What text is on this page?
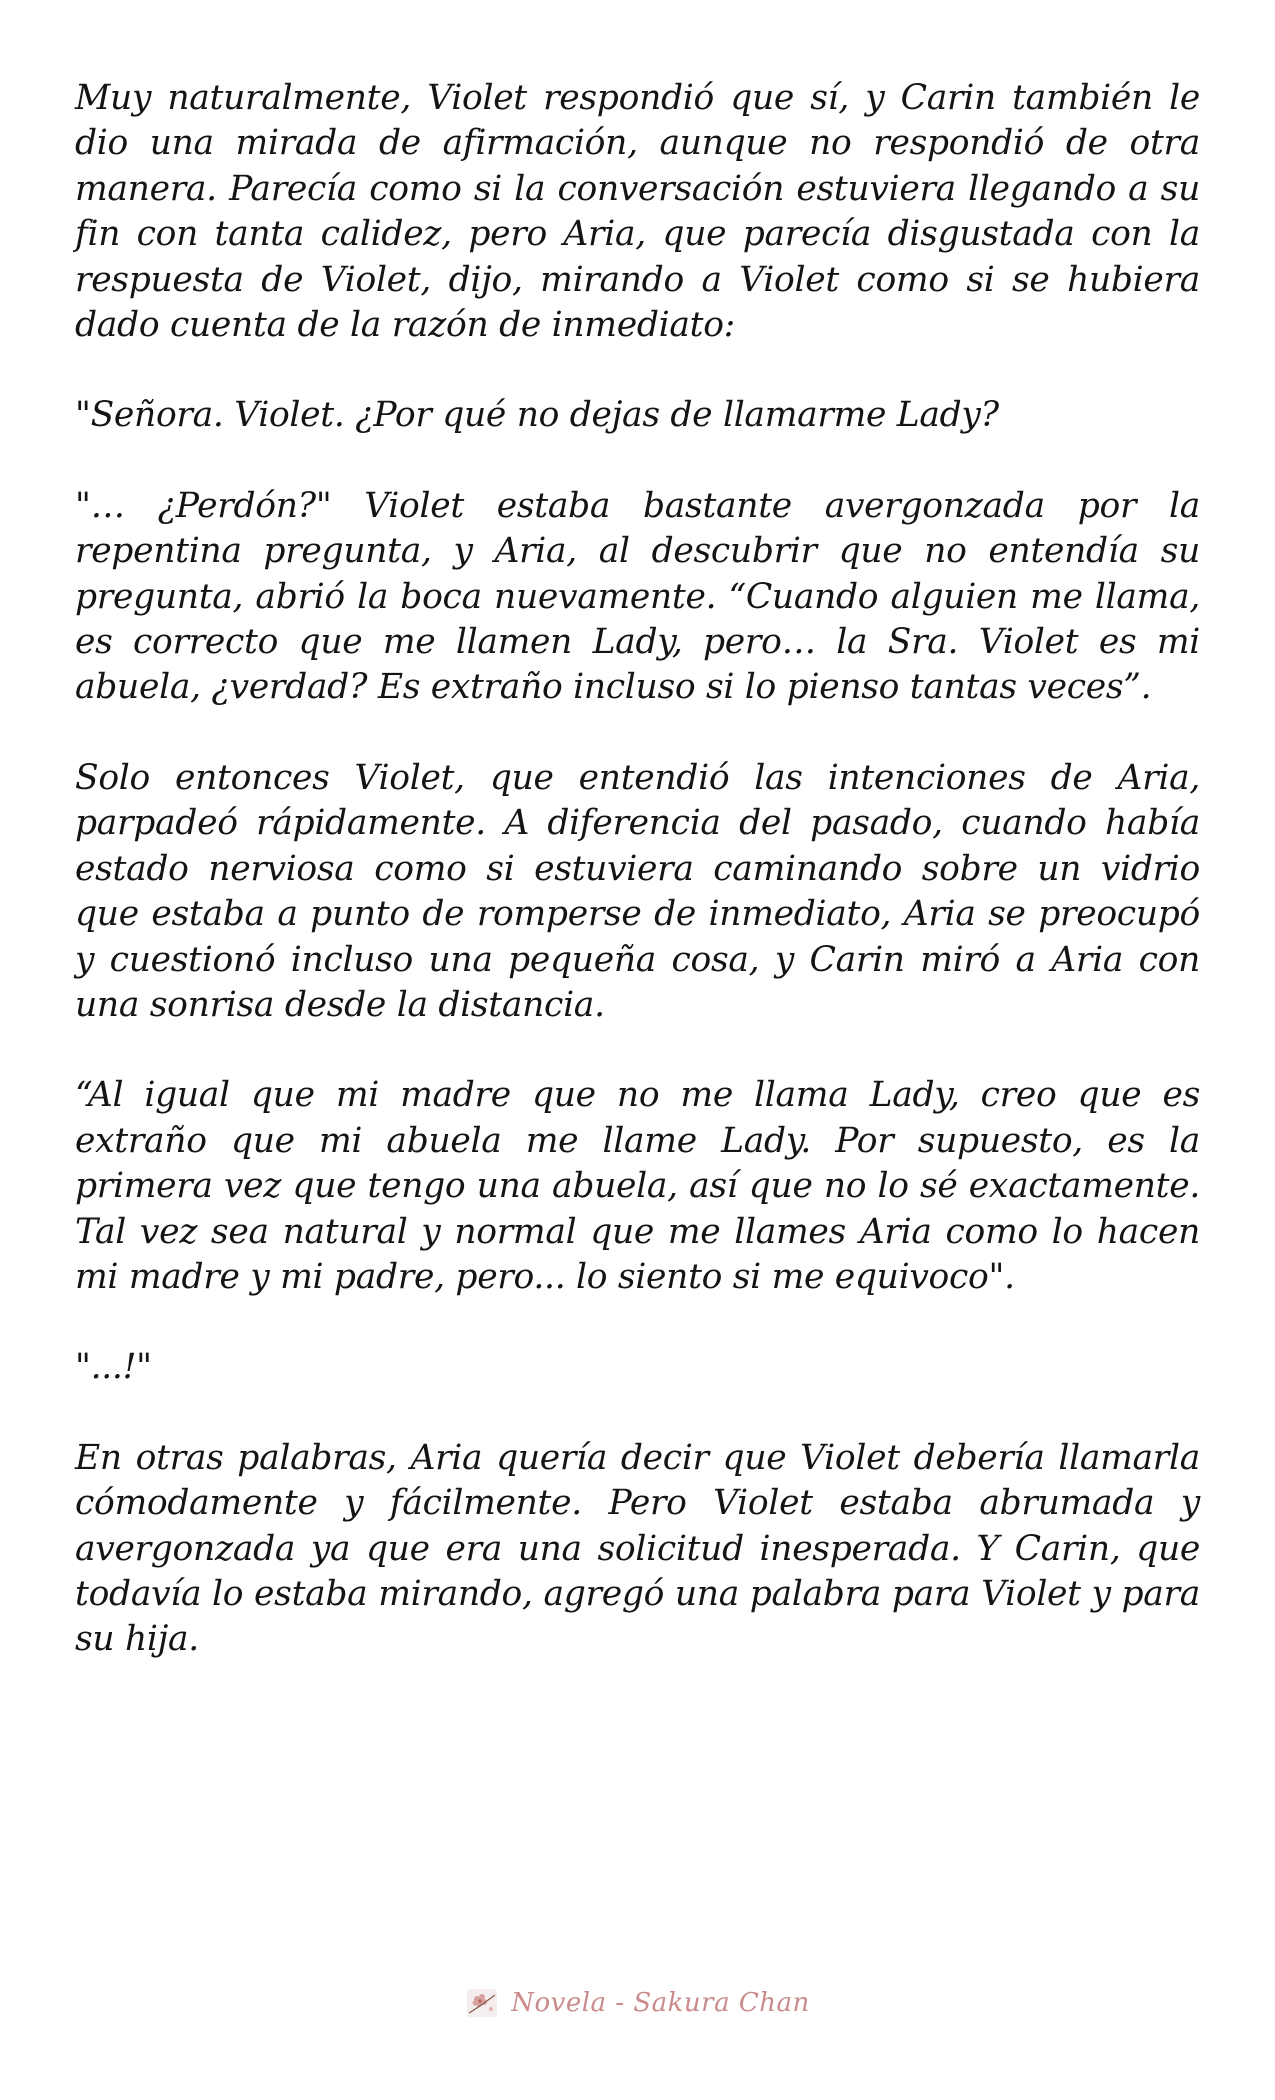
Muy naturalmente, Violet respondió que sí, y Carin también le dio una mirada de afirmación, aunque no respondió de otra manera. Parecía como si la conversación estuviera llegando a su fin con tanta calidez, pero Aria, que parecía disgustada con la respuesta de Violet, dijo, mirando a Violet como si se hubiera dado cuenta de la razón de inmediato:

"Señora. Violet. ¿Por qué no dejas de llamarme Lady?

"… ¿Perdón?" Violet estaba bastante avergonzada por la repentina pregunta, y Aria, al descubrir que no entendía su pregunta, abrió la boca nuevamente. “Cuando alguien me llama, es correcto que me llamen Lady, pero… la Sra. Violet es mi abuela, ¿verdad? Es extraño incluso si lo pienso tantas veces”.

Solo entonces Violet, que entendió las intenciones de Aria, parpadeó rápidamente. A diferencia del pasado, cuando había estado nerviosa como si estuviera caminando sobre un vidrio que estaba a punto de romperse de inmediato, Aria se preocupó y cuestionó incluso una pequeña cosa, y Carin miró a Aria con una sonrisa desde la distancia.

“Al igual que mi madre que no me llama Lady, creo que es extraño que mi abuela me llame Lady. Por supuesto, es la primera vez que tengo una abuela, así que no lo sé exactamente. Tal vez sea natural y normal que me llames Aria como lo hacen mi madre y mi padre, pero... lo siento si me equivoco".

"...!"

En otras palabras, Aria quería decir que Violet debería llamarla cómodamente y fácilmente. Pero Violet estaba abrumada y avergonzada ya que era una solicitud inesperada. Y Carin, que todavía lo estaba mirando, agregó una palabra para Violet y para su hija.

Novela - Sakura Chan
